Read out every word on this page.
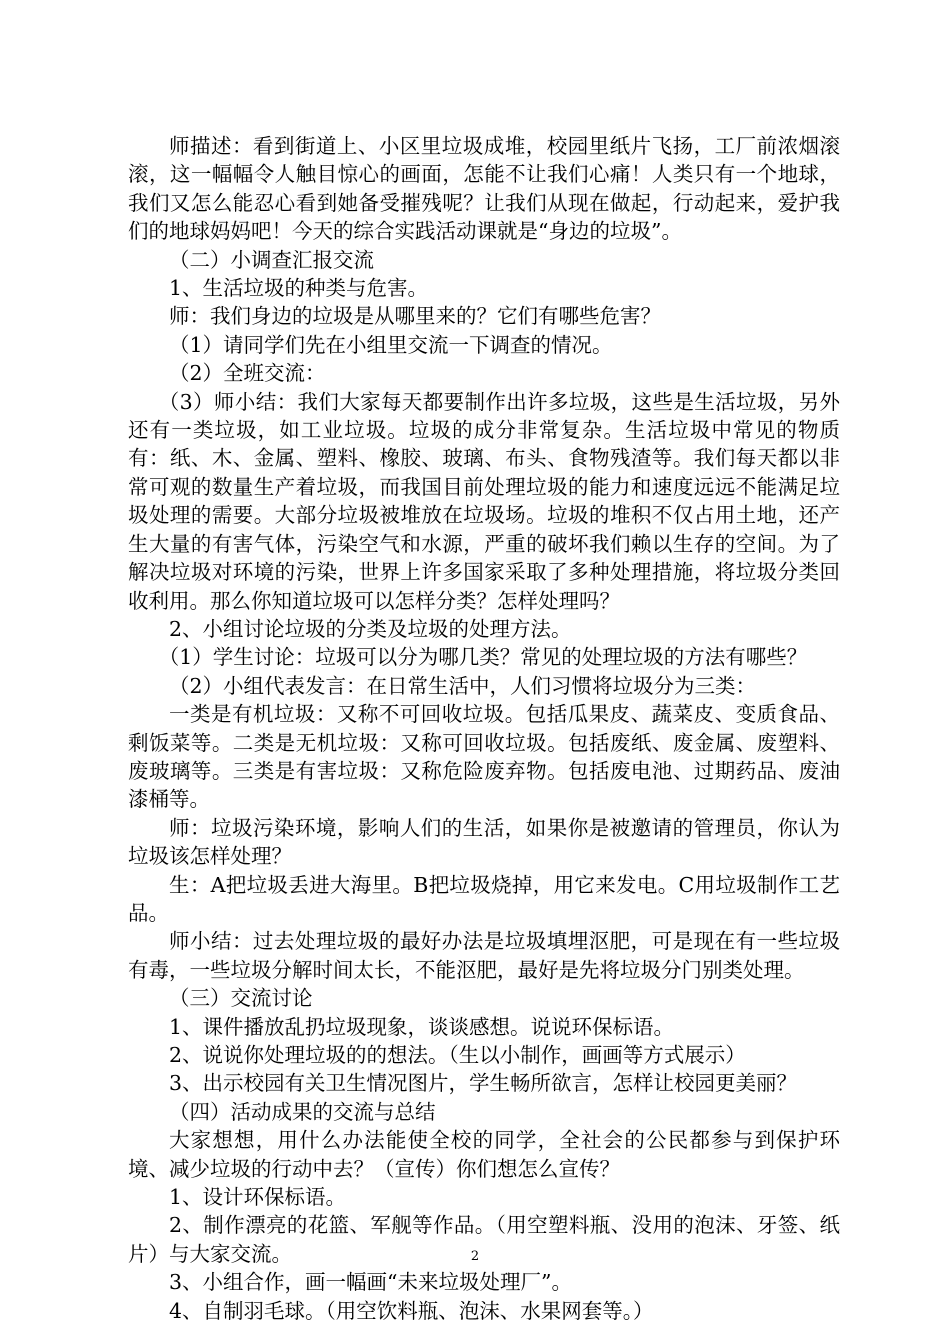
师描述：看到街道上、小区里垃圾成堆，校园里纸片飞扬，工厂前浓烟滚滚，这一幅幅令人触目惊心的画面，怎能不让我们心痛！人类只有一个地球，我们又怎么能忍心看到她备受摧残呢？让我们从现在做起，行动起来，爱护我们的地球妈妈吧！今天的综合实践活动课就是“身边的垃圾”。

（二）小调查汇报交流

1、生活垃圾的种类与危害。

师：我们身边的垃圾是从哪里来的？它们有哪些危害？

（1）请同学们先在小组里交流一下调查的情况。

（2）全班交流：

（3）师小结：我们大家每天都要制作出许多垃圾，这些是生活垃圾，另外还有一类垃圾，如工业垃圾。垃圾的成分非常复杂。生活垃圾中常见的物质有：纸、木、金属、塑料、橡胶、玻璃、布头、食物残渣等。我们每天都以非常可观的数量生产着垃圾，而我国目前处理垃圾的能力和速度远远不能满足垃圾处理的需要。大部分垃圾被堆放在垃圾场。垃圾的堆积不仅占用土地，还产生大量的有害气体，污染空气和水源，严重的破坏我们赖以生存的空间。为了解决垃圾对环境的污染，世界上许多国家采取了多种处理措施，将垃圾分类回收利用。那么你知道垃圾可以怎样分类？怎样处理吗？

2、小组讨论垃圾的分类及垃圾的处理方法。

（1）学生讨论：垃圾可以分为哪几类？常见的处理垃圾的方法有哪些？

（2）小组代表发言：在日常生活中，人们习惯将垃圾分为三类：

一类是有机垃圾：又称不可回收垃圾。包括瓜果皮、蔬菜皮、变质食品、剩饭菜等。二类是无机垃圾：又称可回收垃圾。包括废纸、废金属、废塑料、废玻璃等。三类是有害垃圾：又称危险废弃物。包括废电池、过期药品、废油漆桶等。

师：垃圾污染环境，影响人们的生活，如果你是被邀请的管理员，你认为垃圾该怎样处理？

生：A把垃圾丢进大海里。B把垃圾烧掉，用它来发电。C用垃圾制作工艺品。

师小结：过去处理垃圾的最好办法是垃圾填埋沤肥，可是现在有一些垃圾有毒，一些垃圾分解时间太长，不能沤肥，最好是先将垃圾分门别类处理。

（三）交流讨论

1、课件播放乱扔垃圾现象，谈谈感想。说说环保标语。

2、说说你处理垃圾的的想法。（生以小制作，画画等方式展示）

3、出示校园有关卫生情况图片，学生畅所欲言，怎样让校园更美丽？

（四）活动成果的交流与总结

大家想想，用什么办法能使全校的同学，全社会的公民都参与到保护环境、减少垃圾的行动中去？（宣传）你们想怎么宣传？

1、设计环保标语。

2、制作漂亮的花篮、军舰等作品。（用空塑料瓶、没用的泡沫、牙签、纸片）与大家交流。

3、小组合作，画一幅画“未来垃圾处理厂”。

4、自制羽毛球。（用空饮料瓶、泡沫、水果网套等。）

2
